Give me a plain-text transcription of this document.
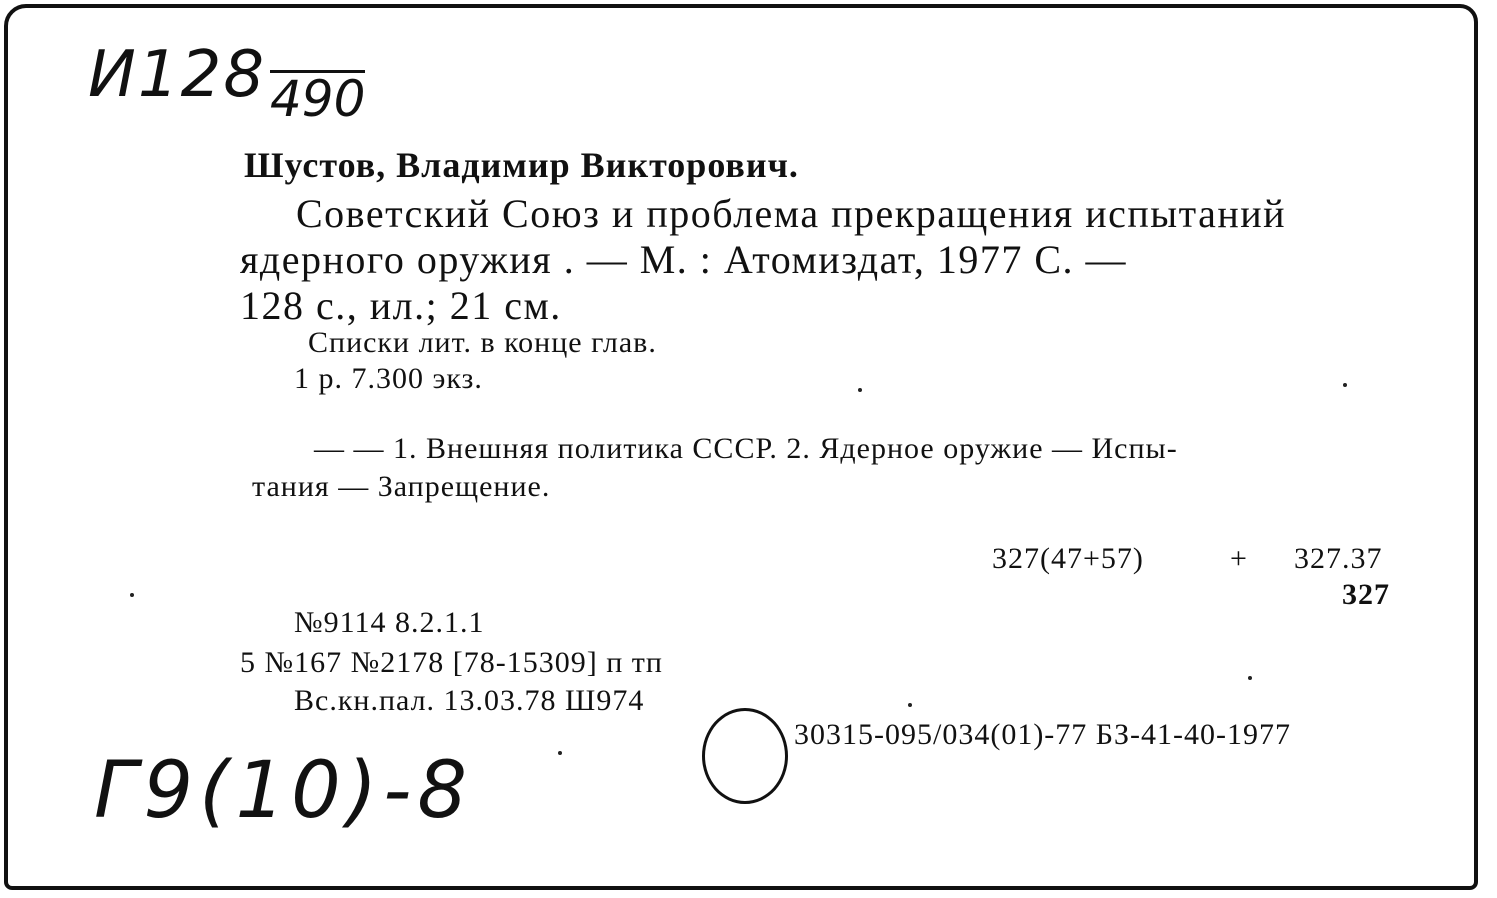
И128 490
Шустов, Владимир Викторович.
Советский Союз и проблема прекращения испытаний
ядерного оружия . — М. : Атомиздат, 1977 С. —
128 с., ил.; 21 см.
Списки лит. в конце глав.
1 р. 7.300 экз.
— — 1. Внешняя политика СССР. 2. Ядерное оружие — Испы-
тания — Запрещение.
327(47+57)	+ 327.37
327
№9114 8.2.1.1
5 №167 №2178 [78-15309] п тп
Вс.кн.пал. 13.03.78 Ш974
30315-095/034(01)-77 БЗ-41-40-1977
Г9(10)-8
